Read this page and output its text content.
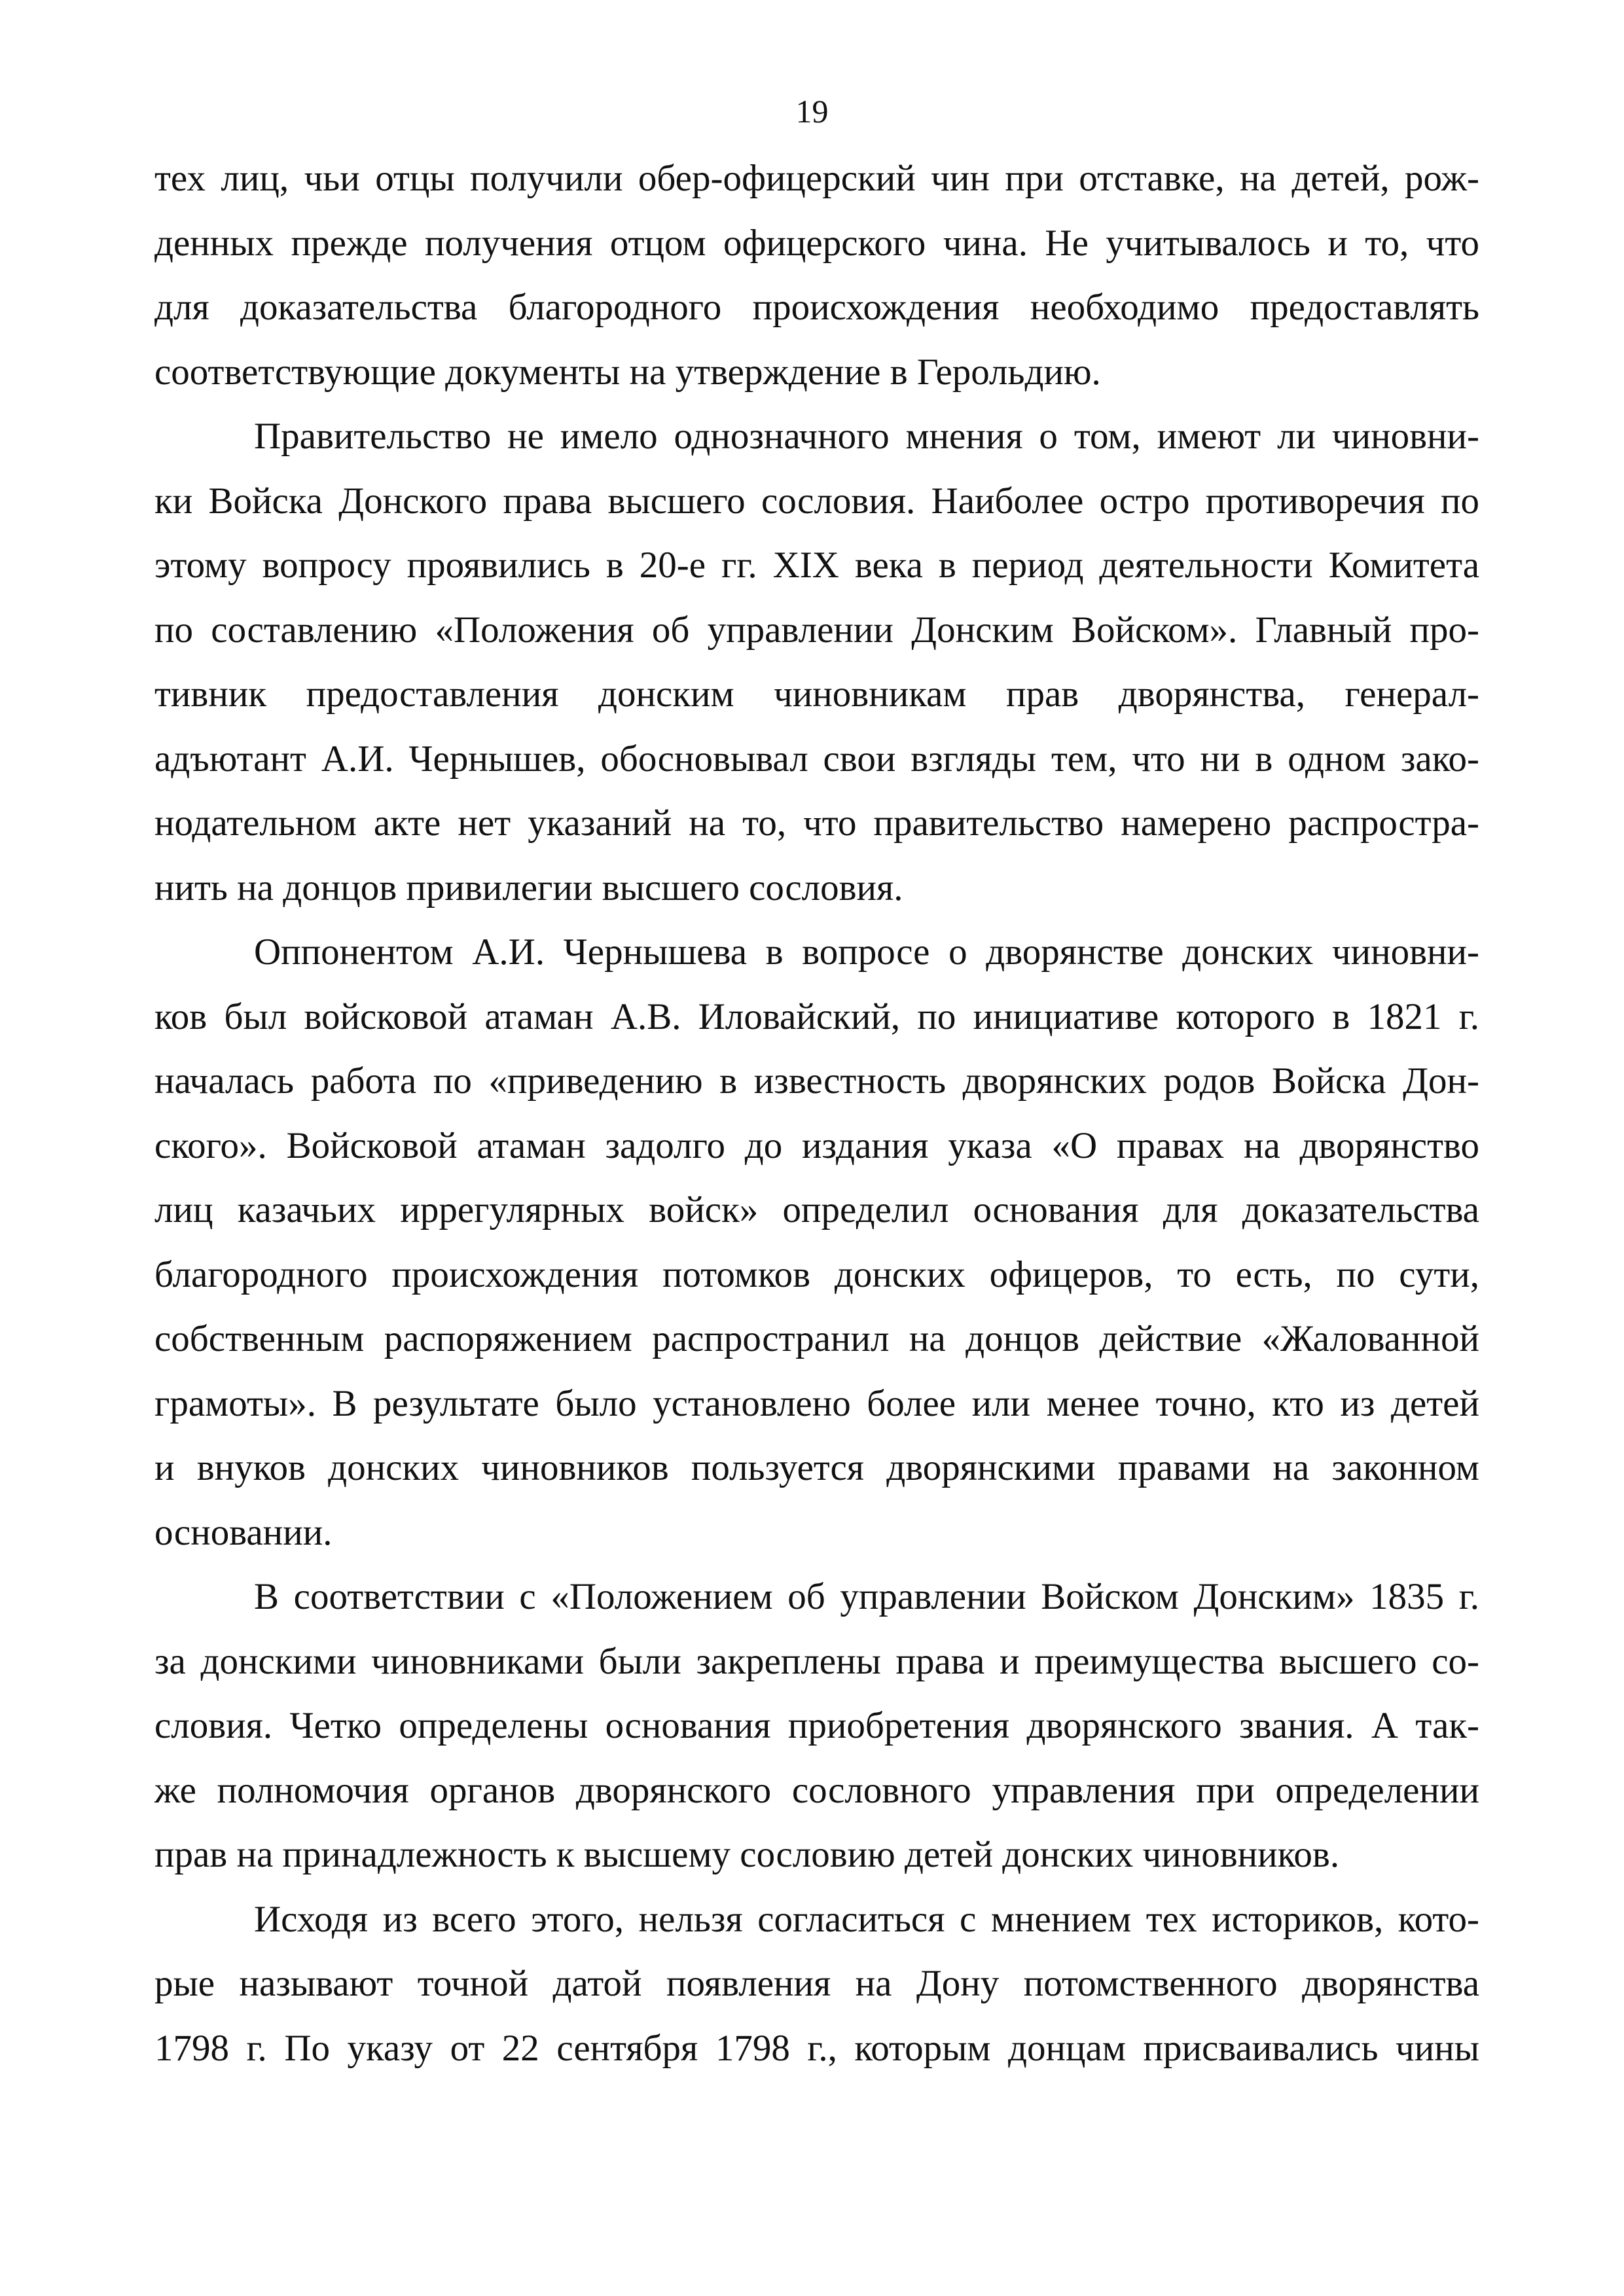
19
тех лиц, чьи отцы получили обер-офицерский чин при отставке, на детей, рож-
денных прежде получения отцом офицерского чина. Не учитывалось и то, что
для доказательства благородного происхождения необходимо предоставлять
соответствующие документы на утверждение в Герольдию.
Правительство не имело однозначного мнения о том, имеют ли чиновни-
ки Войска Донского права высшего сословия. Наиболее остро противоречия по
этому вопросу проявились в 20-е гг. XIX века в период деятельности Комитета
по составлению «Положения об управлении Донским Войском». Главный про-
тивник предоставления донским чиновникам прав дворянства, генерал-
адъютант А.И. Чернышев, обосновывал свои взгляды тем, что ни в одном зако-
нодательном акте нет указаний на то, что правительство намерено распростра-
нить на донцов привилегии высшего сословия.
Оппонентом А.И. Чернышева в вопросе о дворянстве донских чиновни-
ков был войсковой атаман А.В. Иловайский, по инициативе которого в 1821 г.
началась работа по «приведению в известность дворянских родов Войска Дон-
ского». Войсковой атаман задолго до издания указа «О правах на дворянство
лиц казачьих иррегулярных войск» определил основания для доказательства
благородного происхождения потомков донских офицеров, то есть, по сути,
собственным распоряжением распространил на донцов действие «Жалованной
грамоты». В результате было установлено более или менее точно, кто из детей
и внуков донских чиновников пользуется дворянскими правами на законном
основании.
В соответствии с «Положением об управлении Войском Донским» 1835 г.
за донскими чиновниками были закреплены права и преимущества высшего со-
словия. Четко определены основания приобретения дворянского звания. А так-
же полномочия органов дворянского сословного управления при определении
прав на принадлежность к высшему сословию детей донских чиновников.
Исходя из всего этого, нельзя согласиться с мнением тех историков, кото-
рые называют точной датой появления на Дону потомственного дворянства
1798 г. По указу от 22 сентября 1798 г., которым донцам присваивались чины
